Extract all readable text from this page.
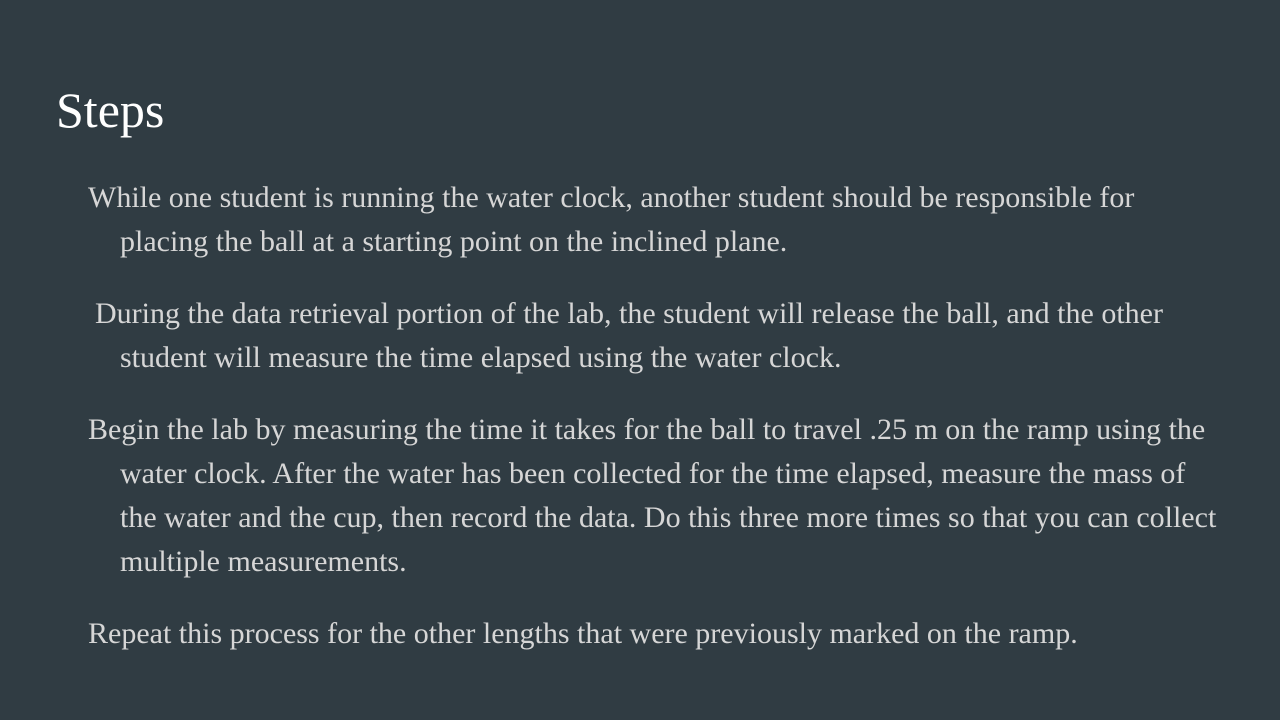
Steps
While one student is running the water clock, another student should be responsible for placing the ball at a starting point on the inclined plane.
During the data retrieval portion of the lab, the student will release the ball, and the other student will measure the time elapsed using the water clock.
Begin the lab by measuring the time it takes for the ball to travel .25 m on the ramp using the water clock. After the water has been collected for the time elapsed, measure the mass of the water and the cup, then record the data. Do this three more times so that you can collect multiple measurements.
Repeat this process for the other lengths that were previously marked on the ramp.
